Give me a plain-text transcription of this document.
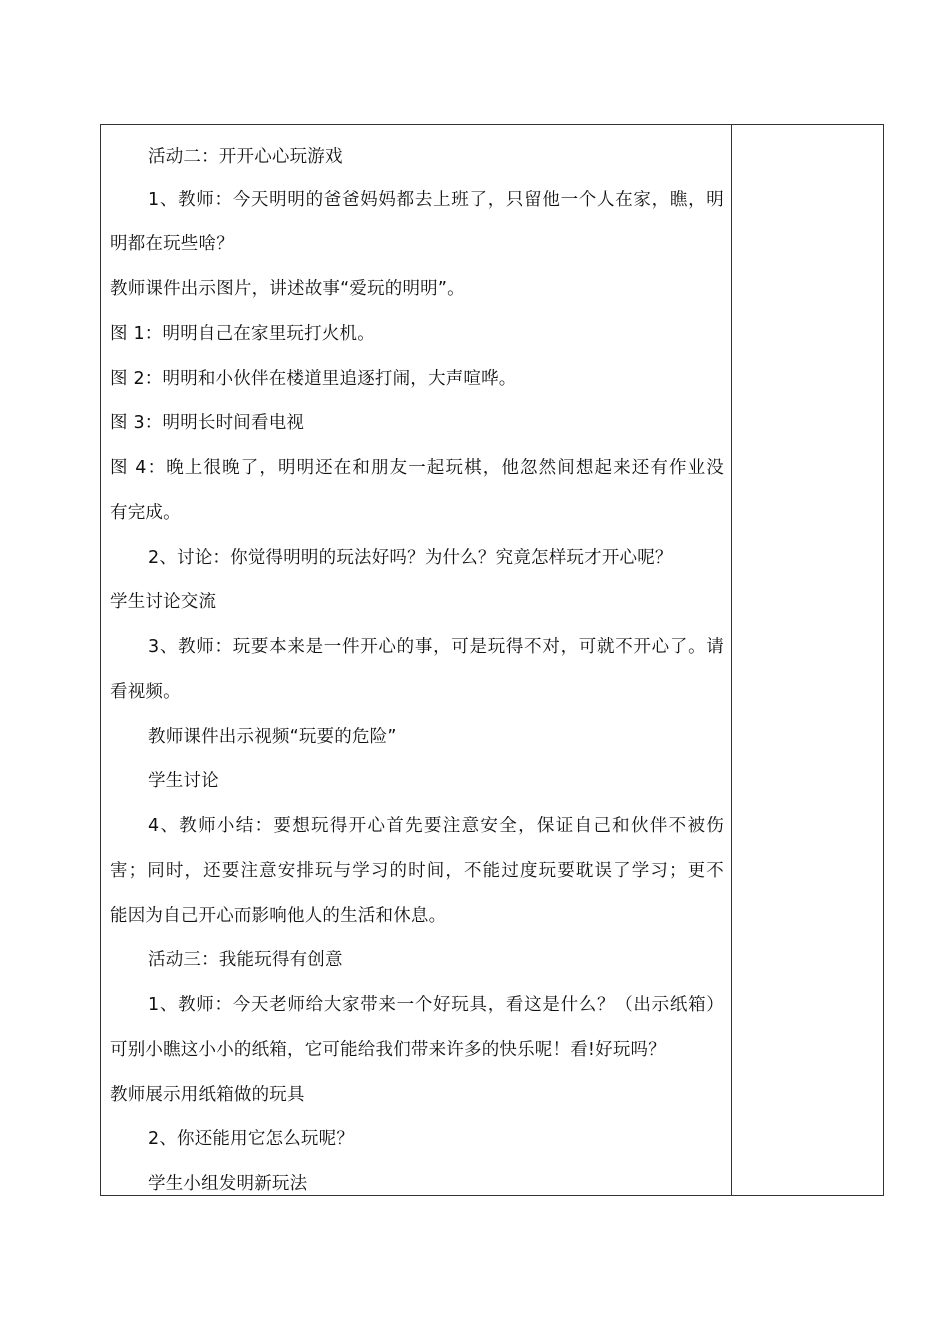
活动二：开开心心玩游戏
1、教师：今天明明的爸爸妈妈都去上班了，只留他一个人在家，瞧，明
明都在玩些啥？
教师课件出示图片，讲述故事“爱玩的明明”。
图 1：明明自己在家里玩打火机。
图 2：明明和小伙伴在楼道里追逐打闹，大声喧哗。
图 3：明明长时间看电视
图 4：晚上很晚了，明明还在和朋友一起玩棋，他忽然间想起来还有作业没
有完成。
2、讨论：你觉得明明的玩法好吗？为什么？究竟怎样玩才开心呢？
学生讨论交流
3、教师：玩要本来是一件开心的事，可是玩得不对，可就不开心了。请
看视频。
教师课件出示视频“玩要的危险”
学生讨论
4、教师小结：要想玩得开心首先要注意安全，保证自己和伙伴不被伤
害；同时，还要注意安排玩与学习的时间，不能过度玩要耽误了学习；更不
能因为自己开心而影响他人的生活和休息。
活动三：我能玩得有创意
1、教师：今天老师给大家带来一个好玩具，看这是什么？（出示纸箱）
可别小瞧这小小的纸箱，它可能给我们带来许多的快乐呢！看!好玩吗？
教师展示用纸箱做的玩具
2、你还能用它怎么玩呢？
学生小组发明新玩法
